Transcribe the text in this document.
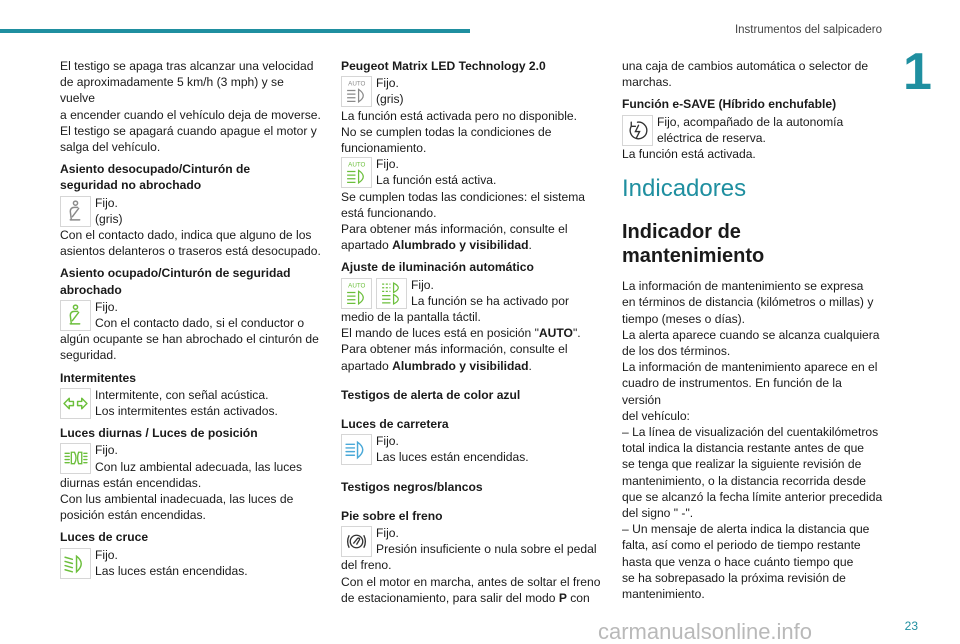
Instrumentos del salpicadero
1

El testigo se apaga tras alcanzar una velocidad

de aproximadamente 5 km/h (3 mph) y se vuelve

a encender cuando el vehículo deja de moverse.

El testigo se apagará cuando apague el motor y

salga del vehículo.

Asiento desocupado/Cinturón de
seguridad no abrochado

Fijo.

(gris)

Con el contacto dado, indica que alguno de los

asientos delanteros o traseros está desocupado.

Asiento ocupado/Cinturón de seguridad
abrochado

Fijo.

Con el contacto dado, si el conductor o

algún ocupante se han abrochado el cinturón de

seguridad.

Intermitentes

Intermitente, con señal acústica.

Los intermitentes están activados.

Luces diurnas / Luces de posición

Fijo.

Con luz ambiental adecuada, las luces

diurnas están encendidas.

Con lus ambiental inadecuada, las luces de

posición están encendidas.

Luces de cruce

Fijo.

Las luces están encendidas.

Peugeot Matrix LED Technology 2.0
AUTO Fijo.

(gris)

La función está activada pero no disponible.

No se cumplen todas la condiciones de

funcionamiento.

AUTO Fijo.

La función está activa.

Se cumplen todas las condiciones: el sistema

está funcionando.

Para obtener más información, consulte el

apartado Alumbrado y visibilidad.

Ajuste de iluminación automático
AUTO	Fijo.

La función se ha activado por

medio de la pantalla táctil.

El mando de luces está en posición "AUTO".

Para obtener más información, consulte el

apartado Alumbrado y visibilidad.

Testigos de alerta de color azul
Luces de carretera

Fijo.

Las luces están encendidas.

Testigos negros/blancos
Pie sobre el freno

Fijo.

Presión insuficiente o nula sobre el pedal

del freno.

Con el motor en marcha, antes de soltar el freno

de estacionamiento, para salir del modo P con

una caja de cambios automática o selector de

marchas.

Función e-SAVE (Híbrido enchufable)

Fijo, acompañado de la autonomía

eléctrica de reserva.

La función está activada.

Indicadores
Indicador de mantenimiento

La información de mantenimiento se expresa

en términos de distancia (kilómetros o millas) y

tiempo (meses o días).

La alerta aparece cuando se alcanza cualquiera

de los dos términos.

La información de mantenimiento aparece en el

cuadro de instrumentos. En función de la versión

del vehículo:

– La línea de visualización del cuentakilómetros

total indica la distancia restante antes de que

se tenga que realizar la siguiente revisión de

mantenimiento, o la distancia recorrida desde

que se alcanzó la fecha límite anterior precedida

del signo " -".

– Un mensaje de alerta indica la distancia que

falta, así como el periodo de tiempo restante

hasta que venza o hace cuánto tiempo que

se ha sobrepasado la próxima revisión de

mantenimiento.

carmanualsonline.info	23
